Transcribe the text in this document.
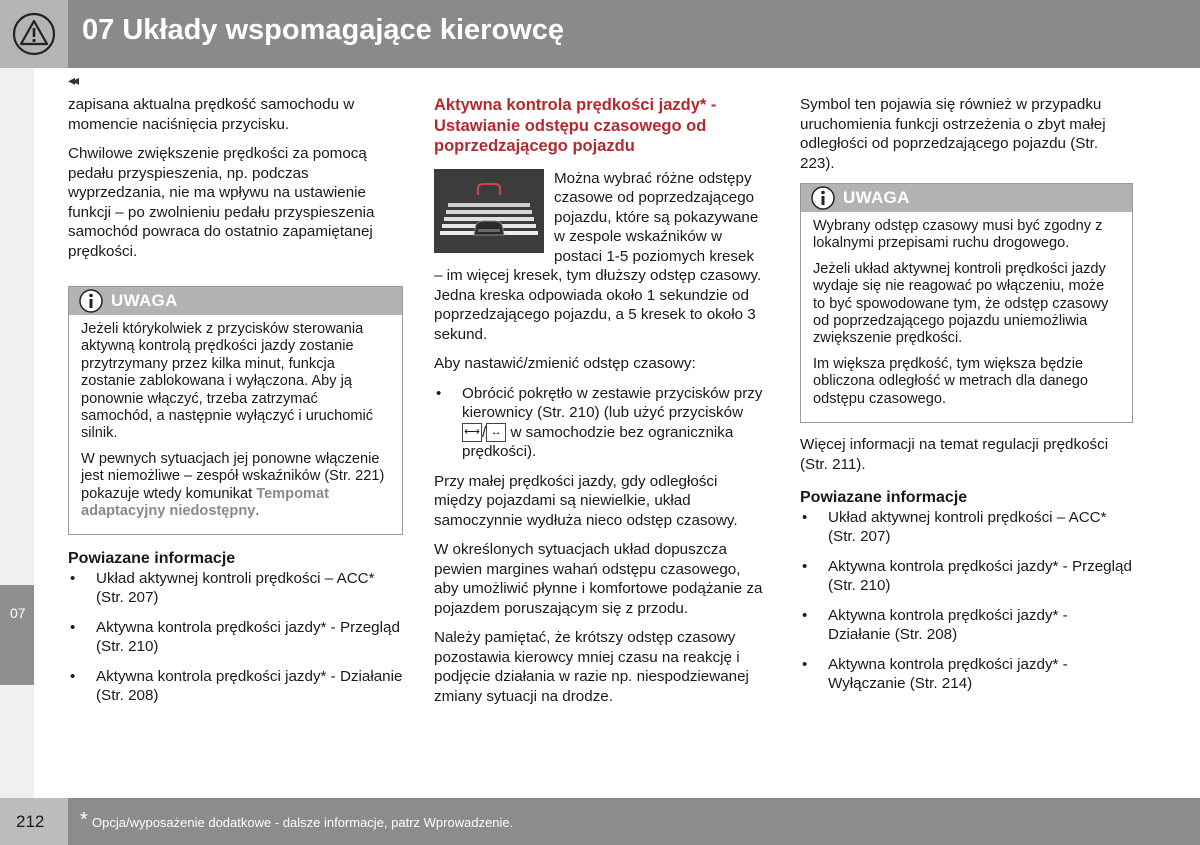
07 Układy wspomagające kierowcę
07
◂◂

zapisana aktualna prędkość samochodu w momencie naciśnięcia przycisku.

Chwilowe zwiększenie prędkości za pomocą pedału przyspieszenia, np. podczas wyprzedzania, nie ma wpływu na ustawienie funkcji – po zwolnieniu pedału przyspieszenia samochód powraca do ostatnio zapamiętanej prędkości.

UWAGA

Jeżeli którykolwiek z przycisków sterowania aktywną kontrolą prędkości jazdy zostanie przytrzymany przez kilka minut, funkcja zostanie zablokowana i wyłączona. Aby ją ponownie włączyć, trzeba zatrzymać samochód, a następnie wyłączyć i uruchomić silnik.

W pewnych sytuacjach jej ponowne włączenie jest niemożliwe – zespół wskaźników (Str. 221) pokazuje wtedy komunikat Tempomat adaptacyjny niedostępny.

Powiazane informacje
• Układ aktywnej kontroli prędkości – ACC* (Str. 207)
• Aktywna kontrola prędkości jazdy* - Przegląd (Str. 210)
• Aktywna kontrola prędkości jazdy* - Działanie (Str. 208)
Aktywna kontrola prędkości jazdy* - Ustawianie odstępu czasowego od poprzedzającego pojazdu

Można wybrać różne odstępy czasowe od poprzedzającego pojazdu, które są pokazywane w zespole wskaźników w postaci 1-5 poziomych kresek – im więcej kresek, tym dłuższy odstęp czasowy. Jedna kreska odpowiada około 1 sekundzie od poprzedzającego pojazdu, a 5 kresek to około 3 sekund.

Aby nastawić/zmienić odstęp czasowy:

• Obrócić pokrętło w zestawie przycisków przy kierownicy (Str. 210) (lub użyć przycisków ⟷ / ↔ w samochodzie bez ogranicznika prędkości).

Przy małej prędkości jazdy, gdy odległości między pojazdami są niewielkie, układ samoczynnie wydłuża nieco odstęp czasowy.

W określonych sytuacjach układ dopuszcza pewien margines wahań odstępu czasowego, aby umożliwić płynne i komfortowe podążanie za pojazdem poruszającym się z przodu.

Należy pamiętać, że krótszy odstęp czasowy pozostawia kierowcy mniej czasu na reakcję i podjęcie działania w razie np. niespodziewanej zmiany sytuacji na drodze.

Symbol ten pojawia się również w przypadku uruchomienia funkcji ostrzeżenia o zbyt małej odległości od poprzedzającego pojazdu (Str. 223).

UWAGA

Wybrany odstęp czasowy musi być zgodny z lokalnymi przepisami ruchu drogowego.

Jeżeli układ aktywnej kontroli prędkości jazdy wydaje się nie reagować po włączeniu, może to być spowodowane tym, że odstęp czasowy od poprzedzającego pojazdu uniemożliwia zwiększenie prędkości.

Im większa prędkość, tym większa będzie obliczona odległość w metrach dla danego odstępu czasowego.

Więcej informacji na temat regulacji prędkości (Str. 211).

Powiazane informacje
• Układ aktywnej kontroli prędkości – ACC* (Str. 207)
• Aktywna kontrola prędkości jazdy* - Przegląd (Str. 210)
• Aktywna kontrola prędkości jazdy* - Działanie (Str. 208)
• Aktywna kontrola prędkości jazdy* - Wyłączanie (Str. 214)
212 * Opcja/wyposażenie dodatkowe - dalsze informacje, patrz Wprowadzenie.
